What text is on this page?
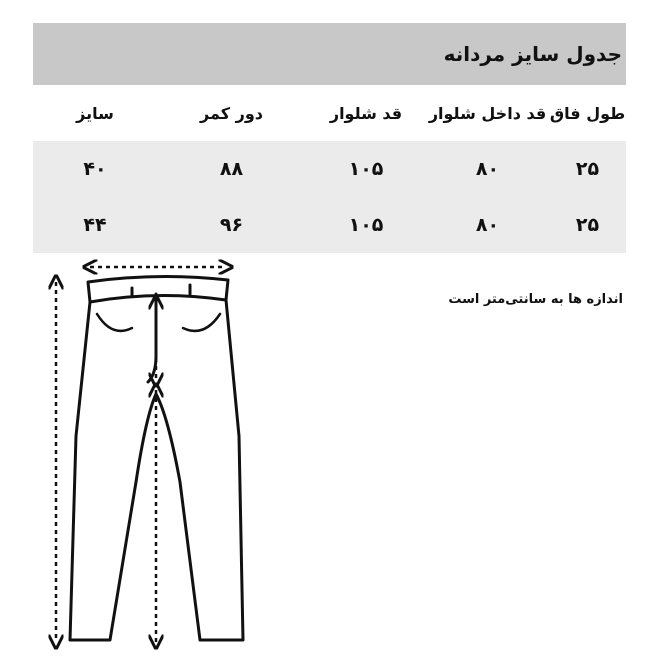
جدول سایز مردانه
طول فاق
قد داخل شلوار
قد شلوار
دور کمر
سایز
۲۵
۸۰
۱۰۵
۸۸
۴۰
۲۵
۸۰
۱۰۵
۹۶
۴۴
اندازه ها به سانتی‌متر است
